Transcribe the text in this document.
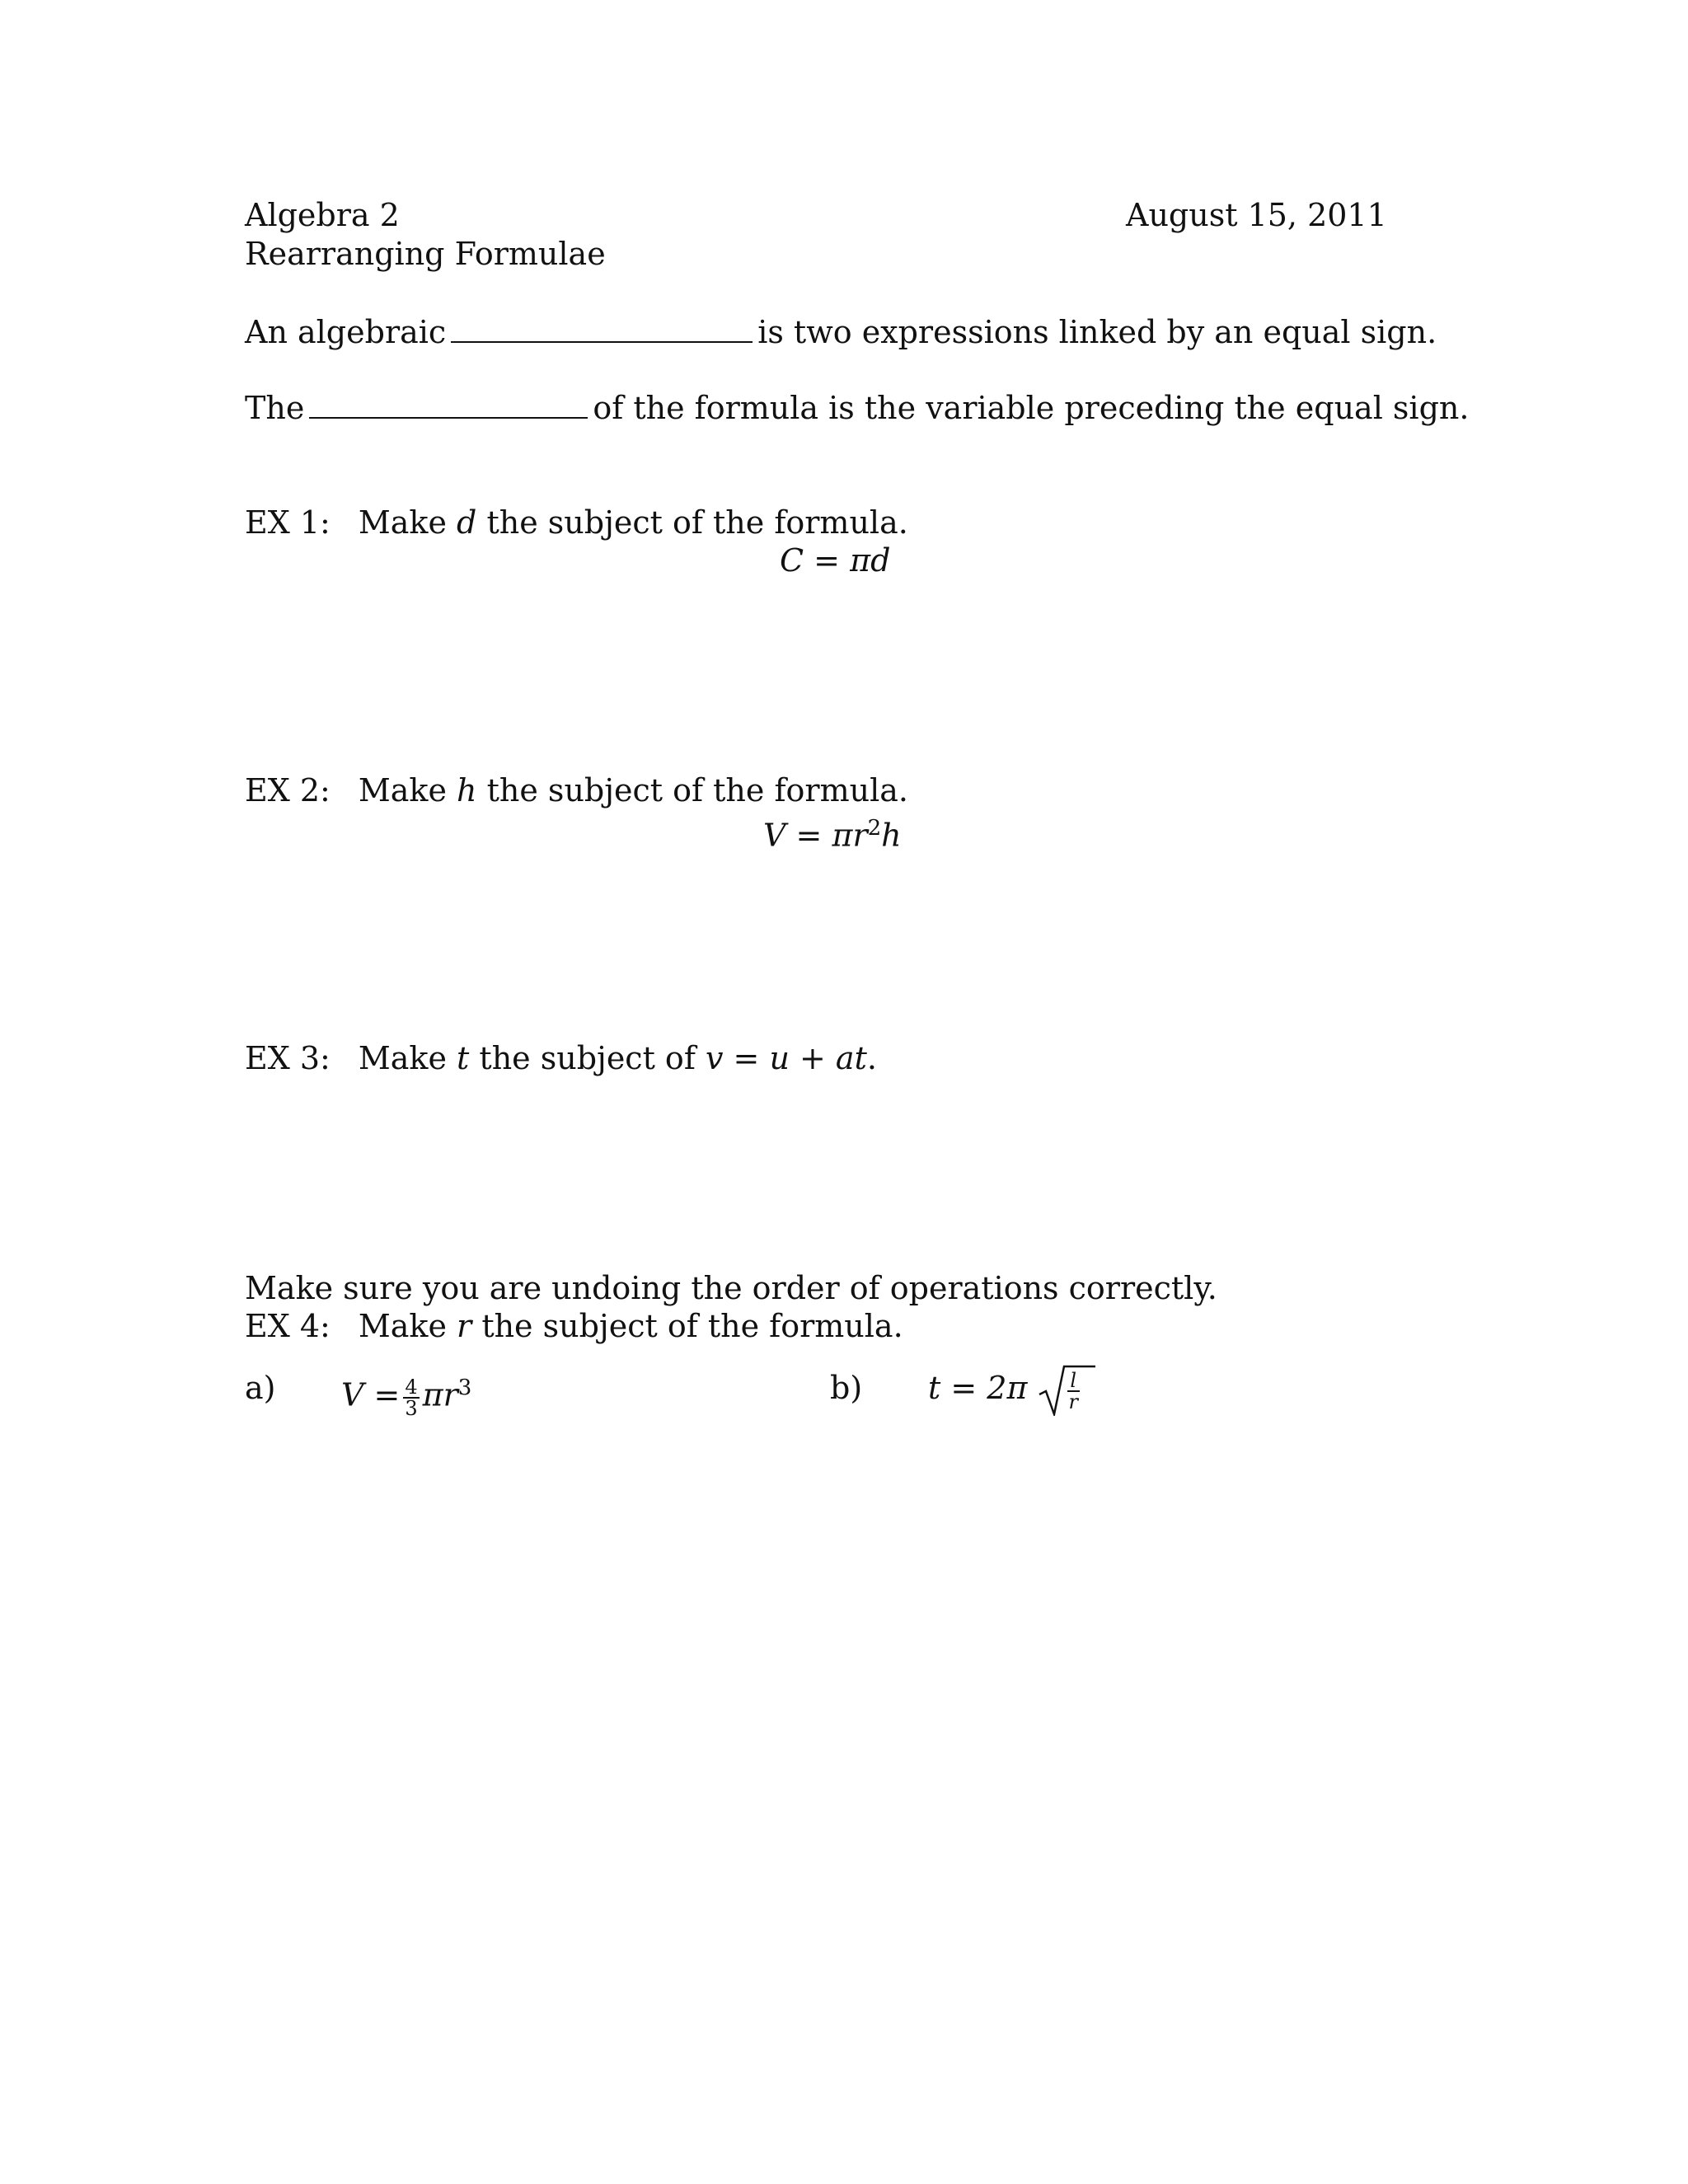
Algebra 2
Rearranging Formulae
August 15, 2011
An algebraic	is two expressions linked by an equal sign.
The	of the formula is the variable preceding the equal sign.
EX 1: Make d the subject of the formula.
C = πd
EX 2: Make h the subject of the formula.
$V = \pi r^2h$
EX 3: Make t the subject of v = u + at.
Make sure you are undoing the order of operations correctly.
EX 4: Make r the subject of the formula.
a) $V = \frac{4}{3} \pi r^3$	b) $t = 2\pi \frac{l}{r}$
